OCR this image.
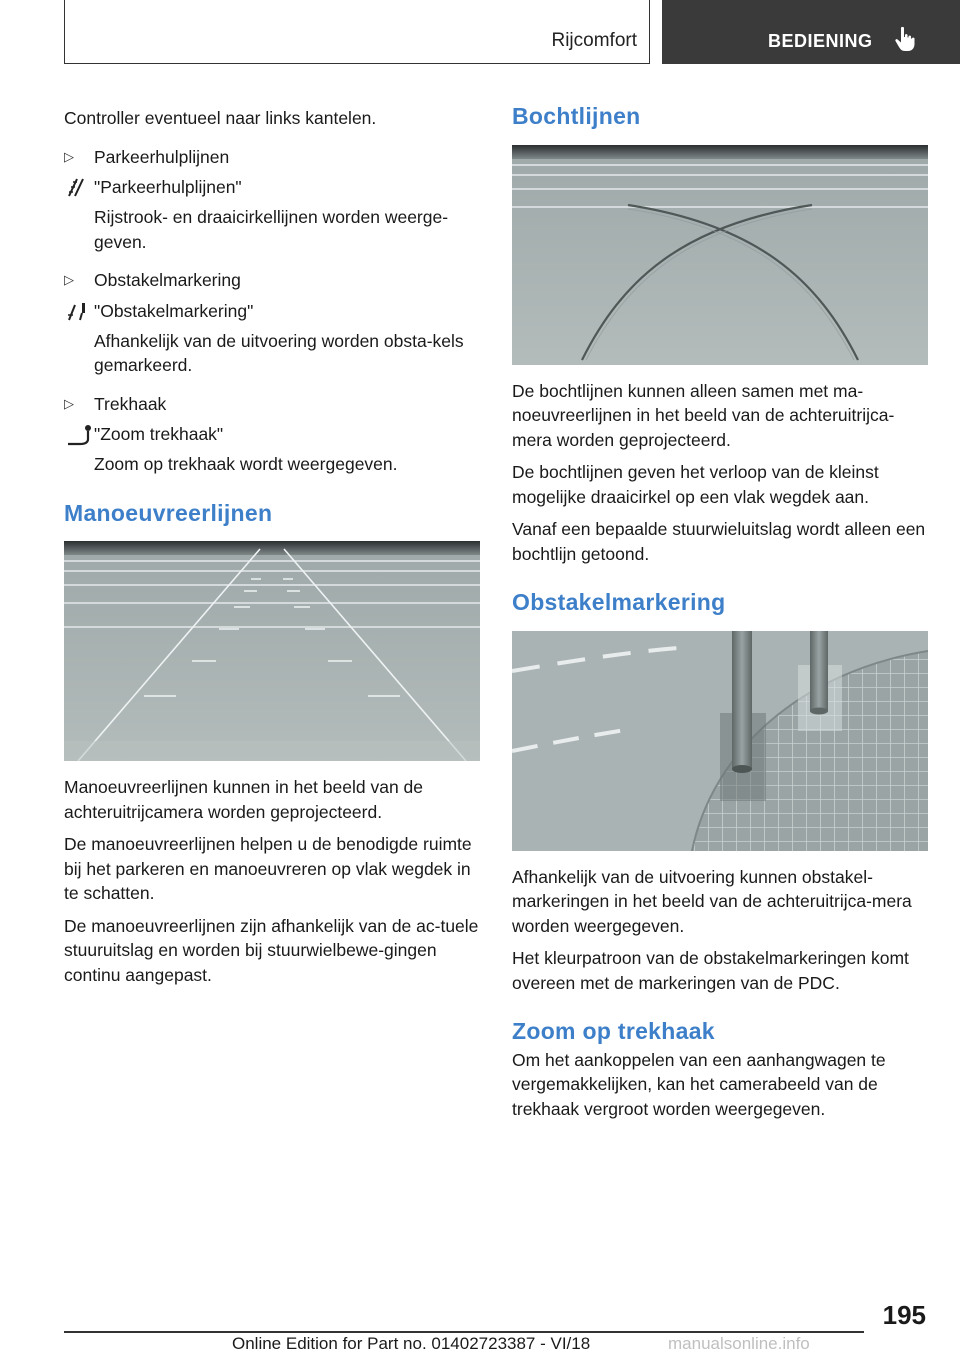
Rijcomfort	BEDIENING

Controller eventueel naar links kantelen.

▷ Parkeerhulplijnen
"Parkeerhulplijnen"

Rijstrook- en draaicirkellijnen worden weerge-geven.

▷ Obstakelmarkering
"Obstakelmarkering"

Afhankelijk van de uitvoering worden obsta-kels gemarkeerd.

▷ Trekhaak
"Zoom trekhaak"

Zoom op trekhaak wordt weergegeven.

Manoeuvreerlijnen

Manoeuvreerlijnen kunnen in het beeld van de achteruitrijcamera worden geprojecteerd.

De manoeuvreerlijnen helpen u de benodigde ruimte bij het parkeren en manoeuvreren op vlak wegdek in te schatten.

De manoeuvreerlijnen zijn afhankelijk van de ac-tuele stuuruitslag en worden bij stuurwielbewe-gingen continu aangepast.

Bochtlijnen

De bochtlijnen kunnen alleen samen met ma-noeuvreerlijnen in het beeld van de achteruitrijca-mera worden geprojecteerd.

De bochtlijnen geven het verloop van de kleinst mogelijke draaicirkel op een vlak wegdek aan.

Vanaf een bepaalde stuurwieluitslag wordt alleen een bochtlijn getoond.

Obstakelmarkering

Afhankelijk van de uitvoering kunnen obstakel-markeringen in het beeld van de achteruitrijca-mera worden weergegeven.

Het kleurpatroon van de obstakelmarkeringen komt overeen met de markeringen van de PDC.

Zoom op trekhaak

Om het aankoppelen van een aanhangwagen te vergemakkelijken, kan het camerabeeld van de trekhaak vergroot worden weergegeven.

195
Online Edition for Part no. 01402723387 - VI/18	manualsonline.info
